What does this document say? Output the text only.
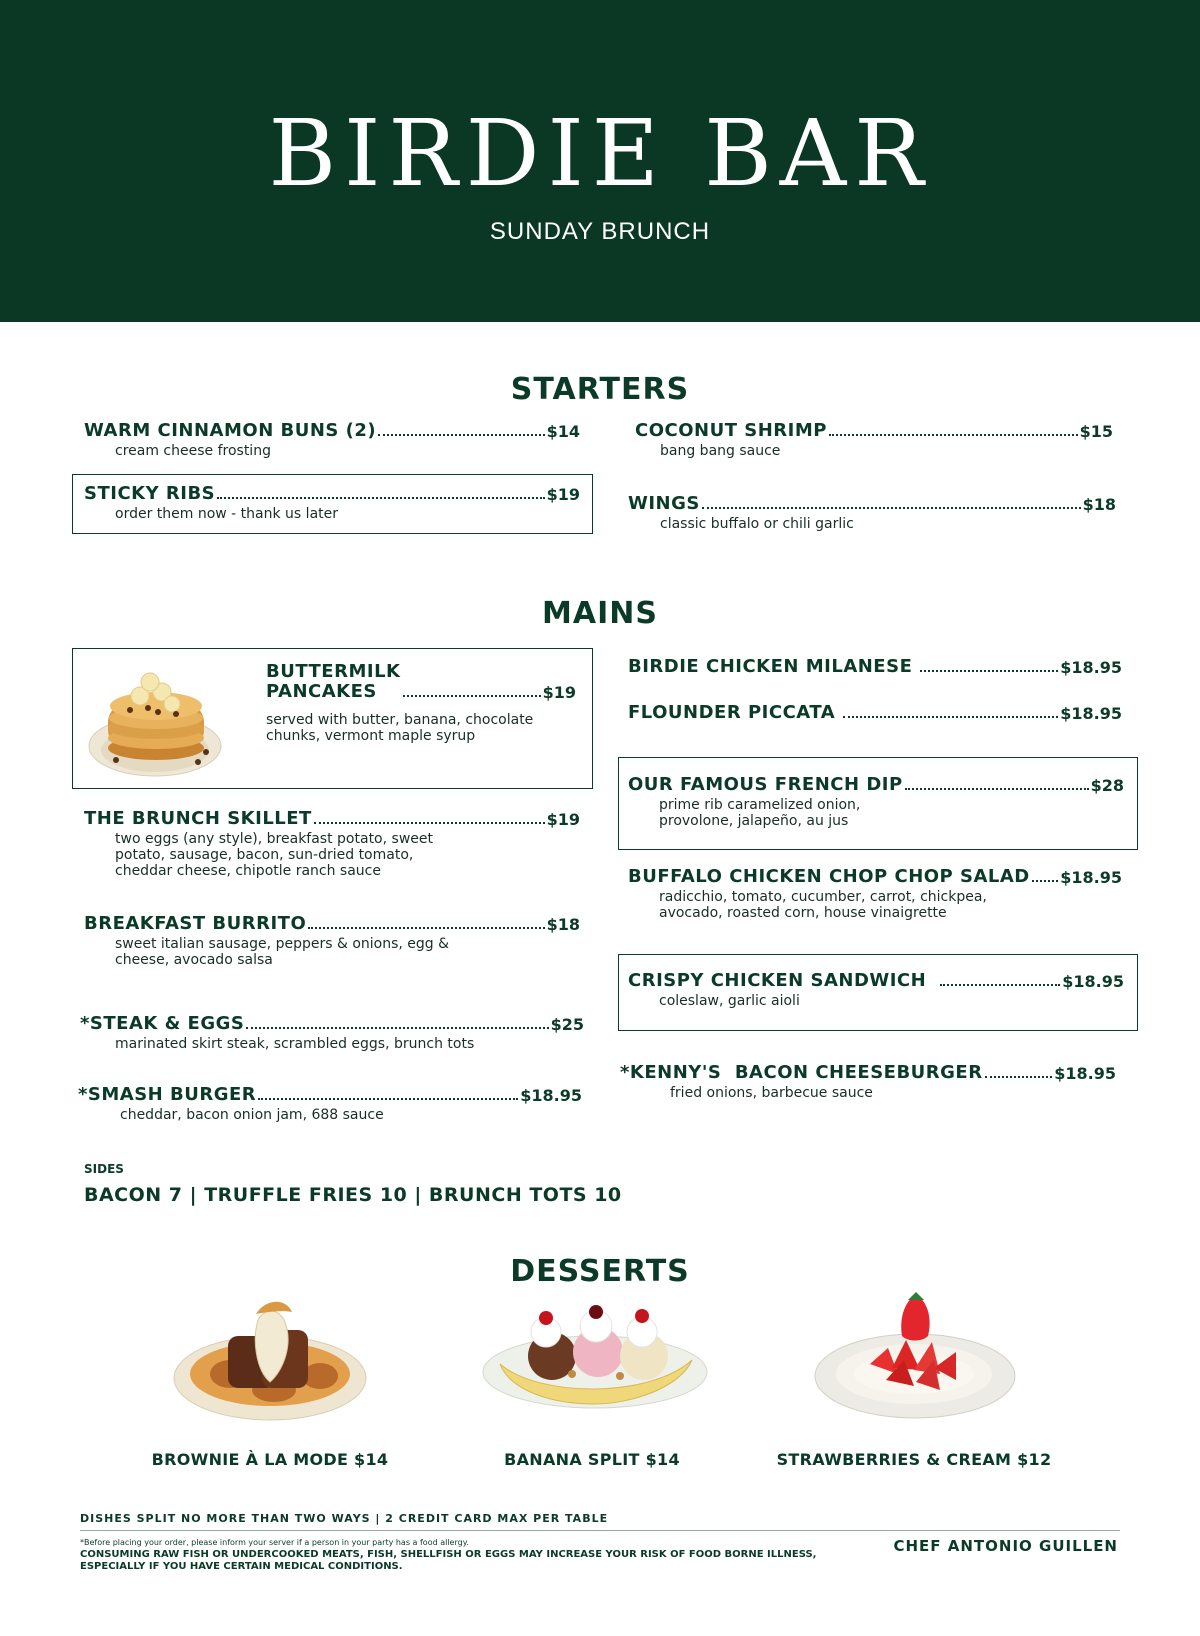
BIRDIE BAR
SUNDAY BRUNCH
STARTERS
WARM CINNAMON BUNS (2)	$14
cream cheese frosting
STICKY RIBS	$19
order them now - thank us later
COCONUT SHRIMP	$15
bang bang sauce
WINGS	$18
classic buffalo or chili garlic
MAINS
BUTTERMILK
PANCAKES	$19
served with butter, banana, chocolate
chunks, vermont maple syrup
THE BRUNCH SKILLET	$19
two eggs (any style), breakfast potato, sweet
potato, sausage, bacon, sun-dried tomato,
cheddar cheese, chipotle ranch sauce
BREAKFAST BURRITO	$18
sweet italian sausage, peppers & onions, egg &
cheese, avocado salsa
*STEAK & EGGS	$25
marinated skirt steak, scrambled eggs, brunch tots
*SMASH BURGER	$18.95
cheddar, bacon onion jam, 688 sauce
BIRDIE CHICKEN MILANESE	$18.95
FLOUNDER PICCATA	$18.95
OUR FAMOUS FRENCH DIP	$28
prime rib caramelized onion,
provolone, jalapeño, au jus
BUFFALO CHICKEN CHOP CHOP SALAD $18.95
radicchio, tomato, cucumber, carrot, chickpea,
avocado, roasted corn, house vinaigrette
CRISPY CHICKEN SANDWICH	$18.95
coleslaw, garlic aioli
*KENNY'S  BACON CHEESEBURGER	$18.95
fried onions, barbecue sauce
SIDES
BACON 7 | TRUFFLE FRIES 10 | BRUNCH TOTS 10
DESSERTS
BROWNIE À LA MODE $14	BANANA SPLIT $14	STRAWBERRIES & CREAM $12
DISHES SPLIT NO MORE THAN TWO WAYS | 2 CREDIT CARD MAX PER TABLE
*Before placing your order, please inform your server if a person in your party has a food allergy.
CONSUMING RAW FISH OR UNDERCOOKED MEATS, FISH, SHELLFISH OR EGGS MAY INCREASE YOUR RISK OF FOOD BORNE ILLNESS,
ESPECIALLY IF YOU HAVE CERTAIN MEDICAL CONDITIONS.
CHEF ANTONIO GUILLEN
